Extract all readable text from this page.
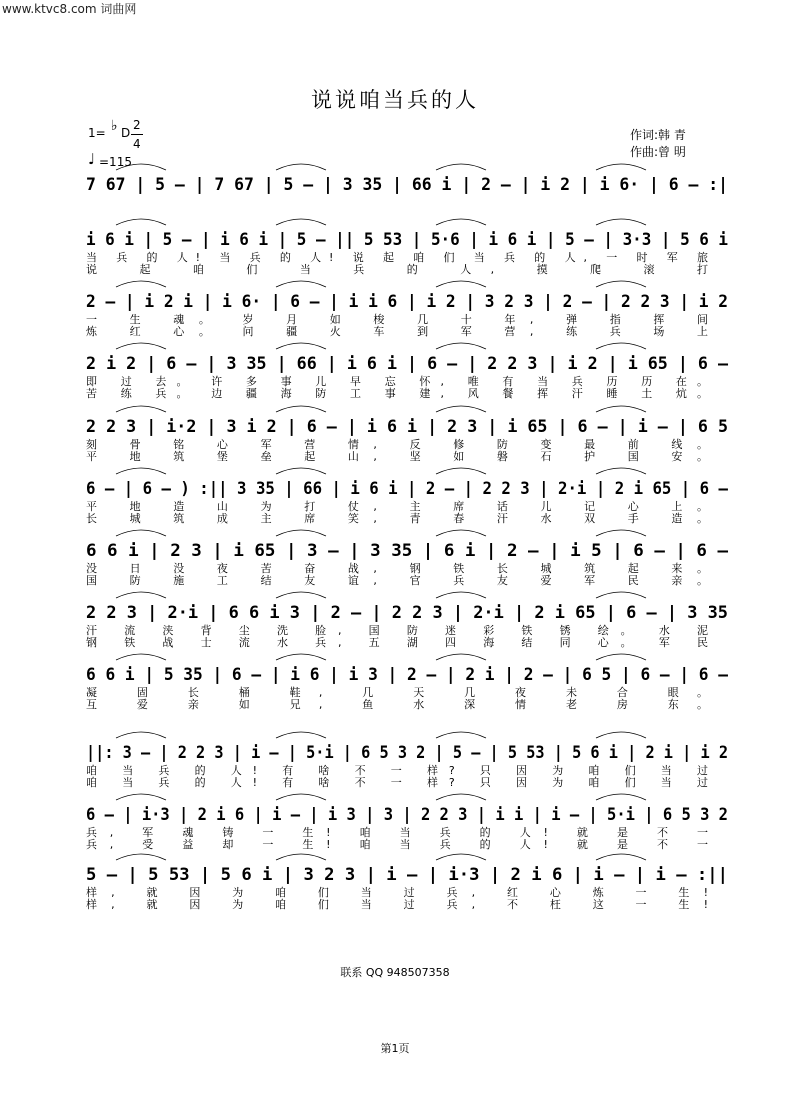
www.ktvc8.com 词曲网
说说咱当兵的人
1= ♭ D
2
4
♩ =115
作词:韩 青
作曲:曾 明
7 67 | 5 – | 7 67 | 5 – | 3 35 | 66 i | 2 – | i 2 | i 6· | 6 – :|
i 6 i | 5 – | i 6 i | 5 – || 5 53 | 5·6 | i 6 i | 5 – | 3·3 | 5 6 i
当 兵 的 人! 当 兵 的 人! 说 起 咱 们 当 兵 的 人, 一 时 军 旅
说 起 咱 们 当 兵 的 人, 摸 爬 滚 打
2 – | i 2 i | i 6· | 6 – | i i 6 | i 2 | 3 2 3 | 2 – | 2 2 3 | i 2
一 生 魂。 岁 月 如 梭 几 十 年, 弹 指 挥 间
炼 红 心。 问 疆 火 车 到 军 营, 练 兵 场 上
2 i 2 | 6 – | 3 35 | 66 | i 6 i | 6 – | 2 2 3 | i 2 | i 65 | 6 –
即 过 去。 许 多 事 儿 早 忘 怀, 唯 有 当 兵 历 历 在。
苦 练 兵。 边 疆 海 防 工 事 建, 风 餐 挥 汗 睡 土 炕。
2 2 3 | i·2 | 3 i 2 | 6 – | i 6 i | 2 3 | i 65 | 6 – | i – | 6 5
刻 骨 铭 心 军 营 情, 反 修 防 变 最 前 线。
平 地 筑 堡 垒 起 山, 坚 如 磐 石 护 国 安。
6 – | 6 – ) :|| 3 35 | 66 | i 6 i | 2 – | 2 2 3 | 2·i | 2 i 65 | 6 –
平 地 造 山 为 打 仗, 主 席 话 儿 记 心 上。
长 城 筑 成 主 席 笑, 青 春 汗 水 双 手 造。
6 6 i | 2 3 | i 65 | 3 – | 3 35 | 6 i | 2 – | i 5 | 6 – | 6 –
没 日 没 夜 苦 奋 战, 钢 铁 长 城 筑 起 来。
国 防 施 工 结 友 谊, 官 兵 友 爱 军 民 亲。
2 2 3 | 2·i | 6 6 i 3 | 2 – | 2 2 3 | 2·i | 2 i 65 | 6 – | 3 35
汗 流 浃 背 尘 洗 脸, 国 防 迷 彩 铁 锈 绘。 水 泥
钢 铁 战 士 流 水 兵, 五 湖 四 海 结 同 心。 军 民
6 6 i | 5 35 | 6 – | i 6 | i 3 | 2 – | 2 i | 2 – | 6 5 | 6 – | 6 –
凝 固 长 桶 鞋, 几 天 几 夜 未 合 眼。
互 爱 亲 如 兄, 鱼 水 深 情 老 房 东。
||: 3 – | 2 2 3 | i – | 5·i | 6 5 3 2 | 5 – | 5 53 | 5 6 i | 2 i | i 2
咱 当 兵 的 人! 有 啥 不 一 样? 只 因 为 咱 们 当 过
咱 当 兵 的 人! 有 啥 不 一 样? 只 因 为 咱 们 当 过
6 – | i·3 | 2 i 6 | i – | i 3 | 3 | 2 2 3 | i i | i – | 5·i | 6 5 3 2
兵, 军 魂 铸 一 生! 咱 当 兵 的 人! 就 是 不 一
兵, 受 益 却 一 生! 咱 当 兵 的 人! 就 是 不 一
5 – | 5 53 | 5 6 i | 3 2 3 | i – | i·3 | 2 i 6 | i – | i – :||
样, 就 因 为 咱 们 当 过 兵, 红 心 炼 一 生!
样, 就 因 为 咱 们 当 过 兵, 不 枉 这 一 生!
联系 QQ 948507358
第1页
